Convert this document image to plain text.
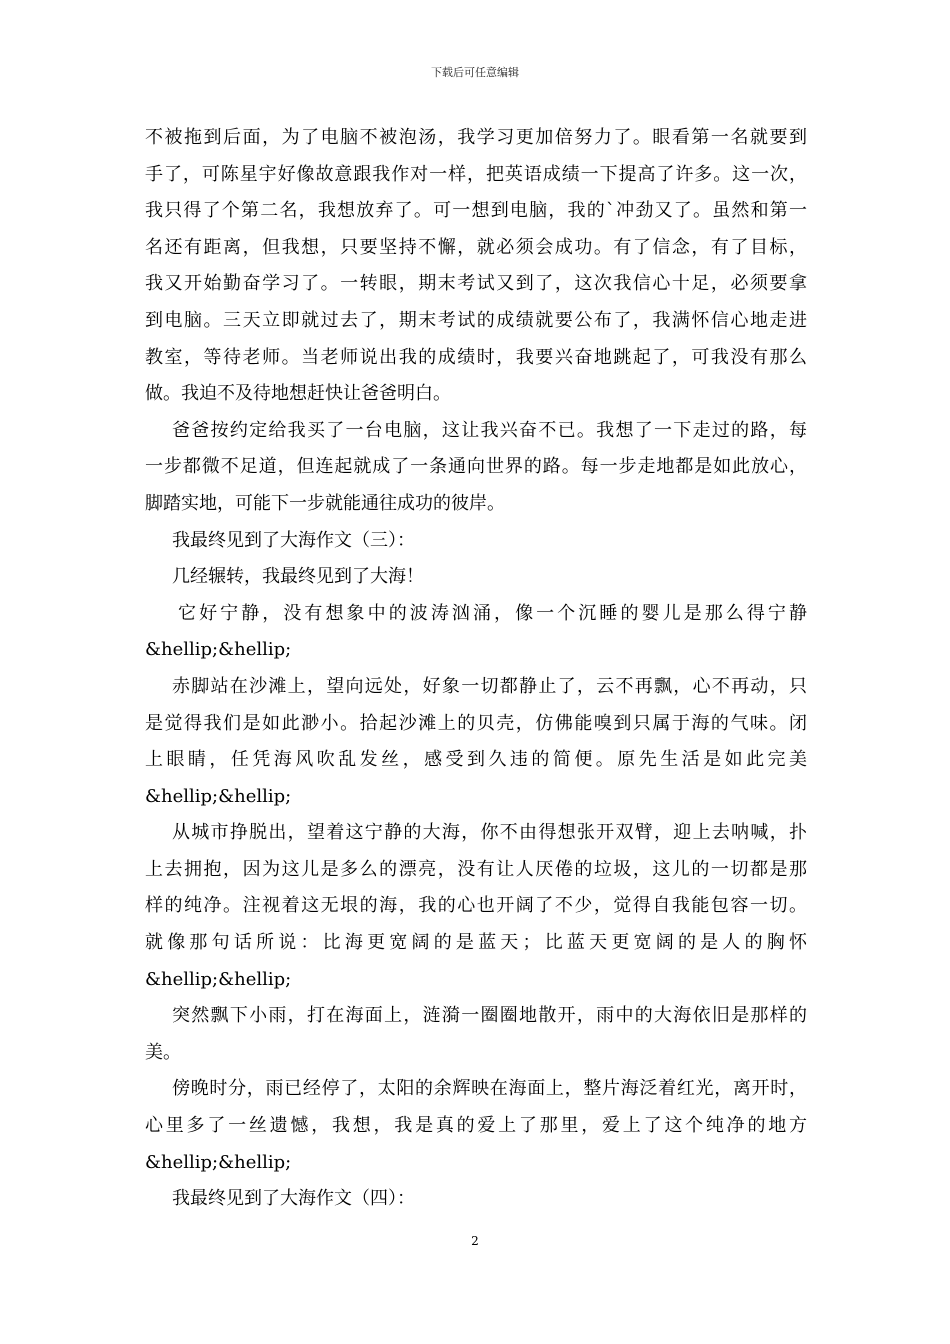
下载后可任意编辑
不被拖到后面，为了电脑不被泡汤，我学习更加倍努力了。眼看第一名就要到
手了，可陈星宇好像故意跟我作对一样，把英语成绩一下提高了许多。这一次，
我只得了个第二名，我想放弃了。可一想到电脑，我的`冲劲又了。虽然和第一
名还有距离，但我想，只要坚持不懈，就必须会成功。有了信念，有了目标，
我又开始勤奋学习了。一转眼，期末考试又到了，这次我信心十足，必须要拿
到电脑。三天立即就过去了，期末考试的成绩就要公布了，我满怀信心地走进
教室，等待老师。当老师说出我的成绩时，我要兴奋地跳起了，可我没有那么
做。我迫不及待地想赶快让爸爸明白。
爸爸按约定给我买了一台电脑，这让我兴奋不已。我想了一下走过的路，每
一步都微不足道，但连起就成了一条通向世界的路。每一步走地都是如此放心，
脚踏实地，可能下一步就能通往成功的彼岸。
我最终见到了大海作文（三）：
几经辗转，我最终见到了大海！
它好宁静，没有想象中的波涛汹涌，像一个沉睡的婴儿是那么得宁静
&hellip;&hellip;
赤脚站在沙滩上，望向远处，好象一切都静止了，云不再飘，心不再动，只
是觉得我们是如此渺小。拾起沙滩上的贝壳，仿佛能嗅到只属于海的气味。闭
上眼睛，任凭海风吹乱发丝，感受到久违的简便。原先生活是如此完美
&hellip;&hellip;
从城市挣脱出，望着这宁静的大海，你不由得想张开双臂，迎上去呐喊，扑
上去拥抱，因为这儿是多么的漂亮，没有让人厌倦的垃圾，这儿的一切都是那
样的纯净。注视着这无垠的海，我的心也开阔了不少，觉得自我能包容一切。
就像那句话所说：比海更宽阔的是蓝天；比蓝天更宽阔的是人的胸怀
&hellip;&hellip;
突然飘下小雨，打在海面上，涟漪一圈圈地散开，雨中的大海依旧是那样的
美。
傍晚时分，雨已经停了，太阳的余辉映在海面上，整片海泛着红光，离开时，
心里多了一丝遗憾，我想，我是真的爱上了那里，爱上了这个纯净的地方
&hellip;&hellip;
我最终见到了大海作文（四）：
2
